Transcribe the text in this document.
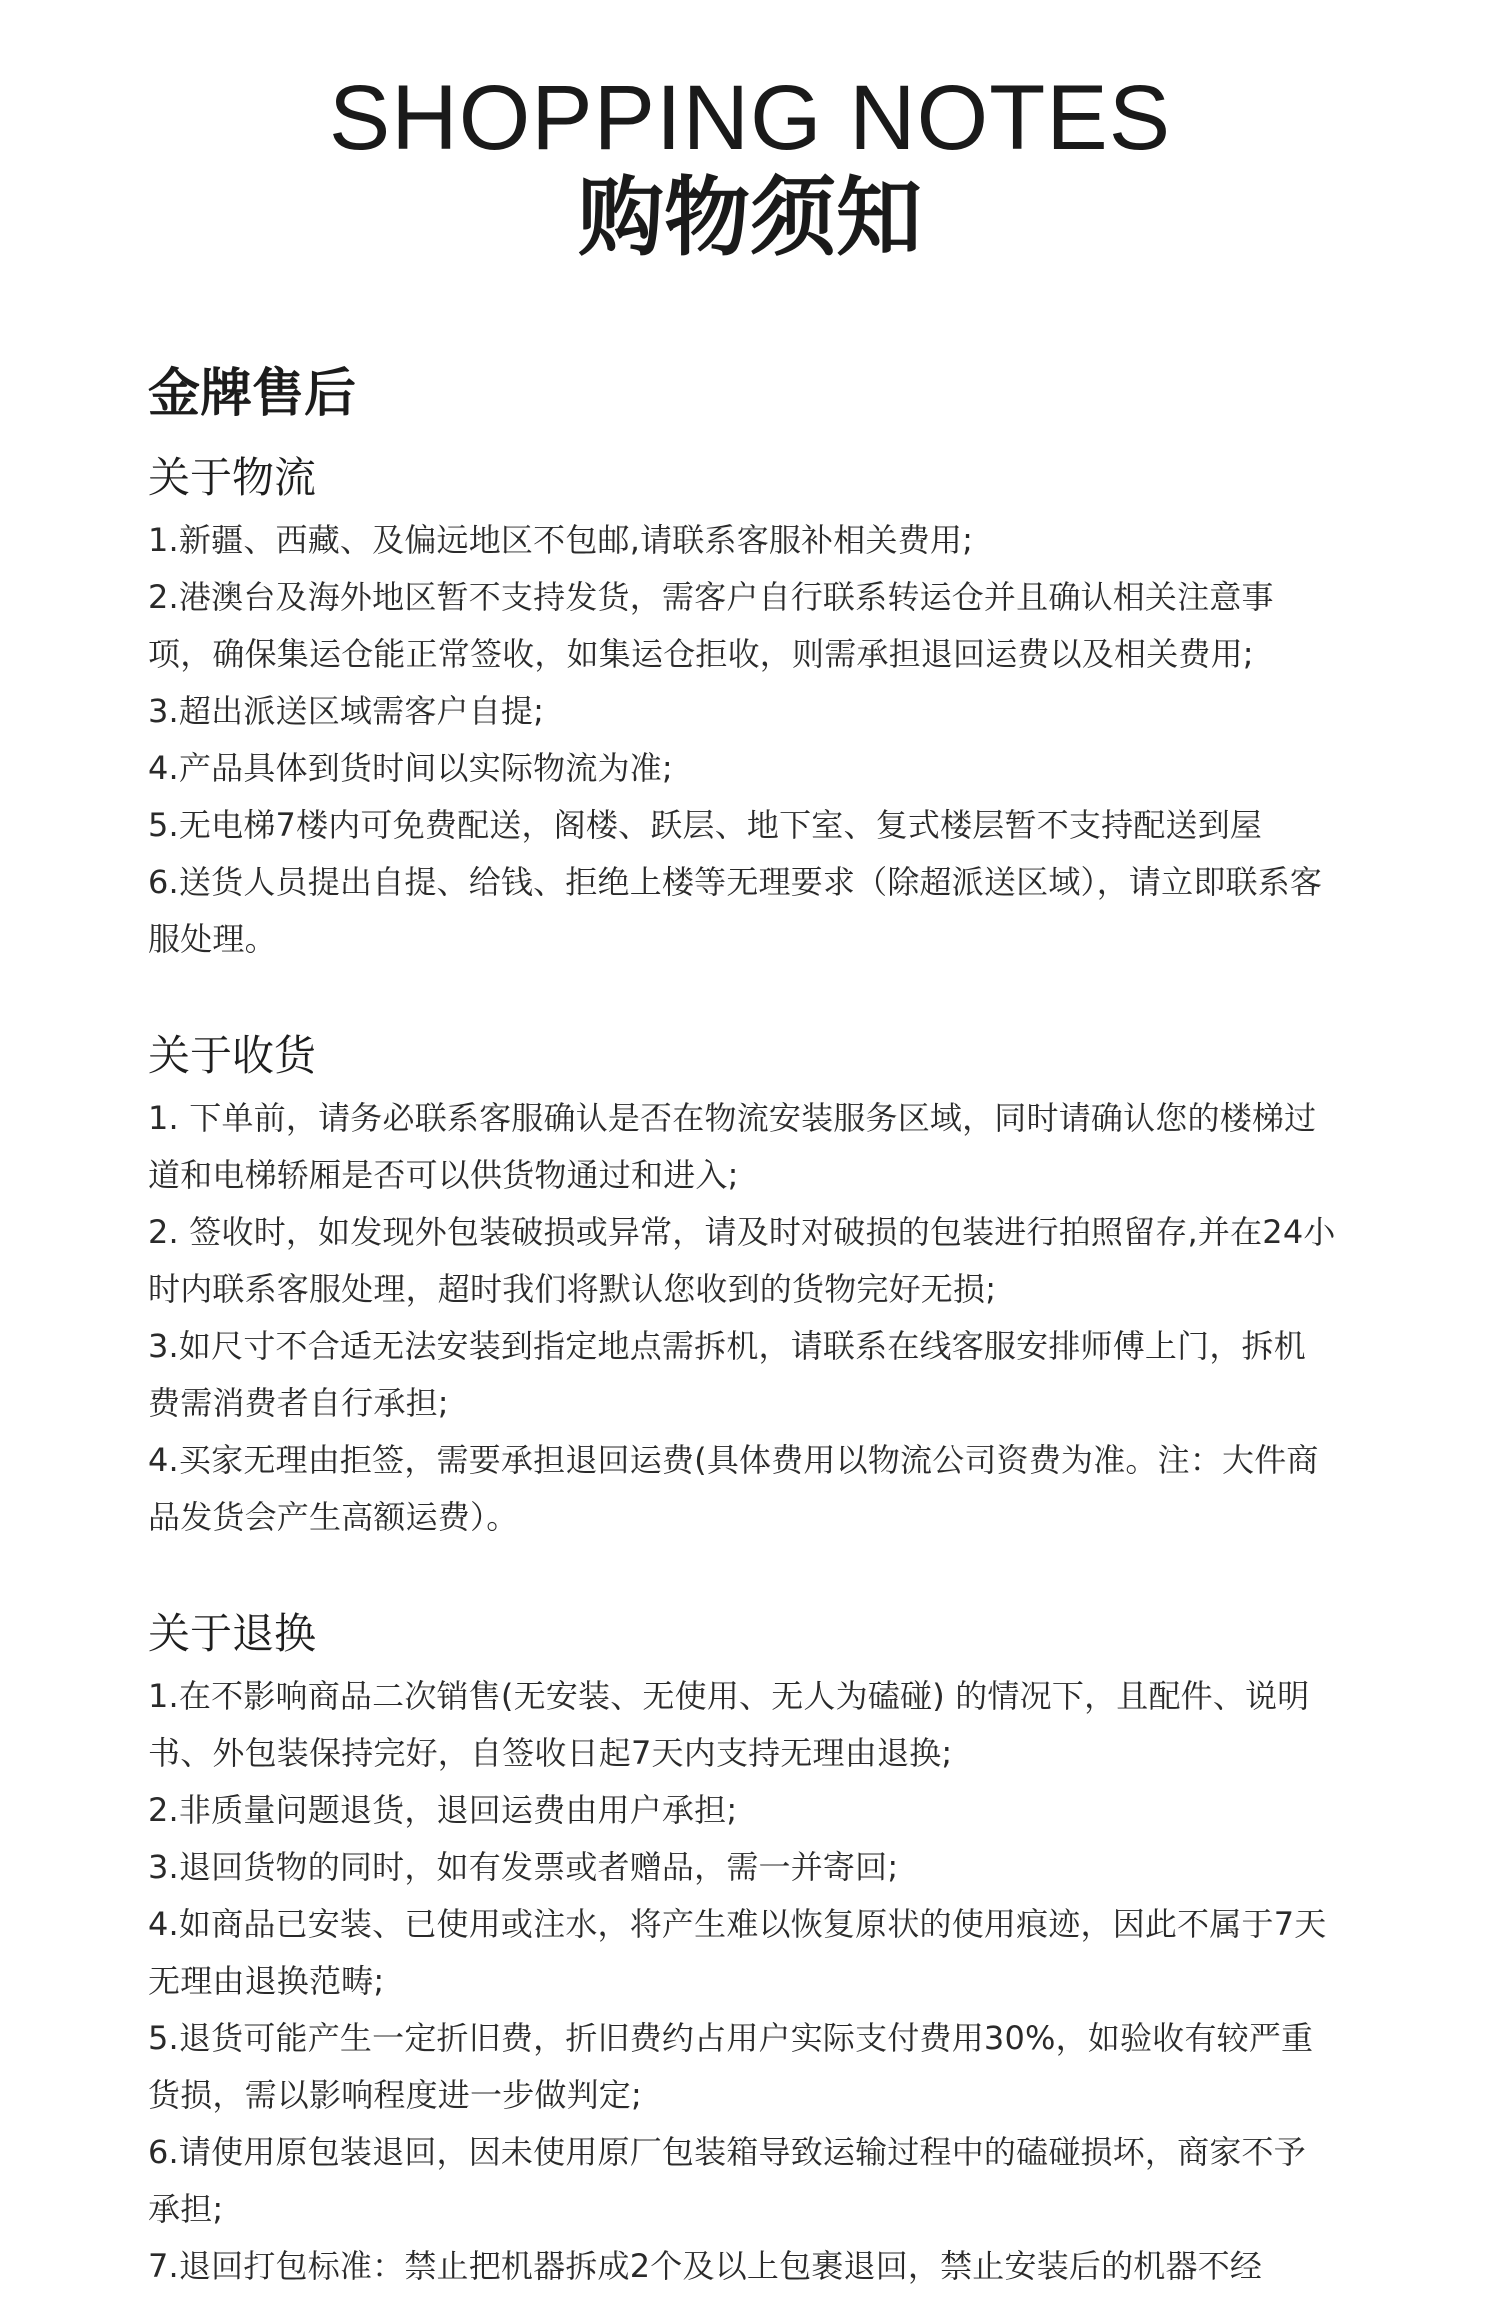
SHOPPING NOTES
购物须知
金牌售后
关于物流

1.新疆、西藏、及偏远地区不包邮,请联系客服补相关费用;

2.港澳台及海外地区暂不支持发货，需客户自行联系转运仓并且确认相关注意事项，确保集运仓能正常签收，如集运仓拒收，则需承担退回运费以及相关费用;

3.超出派送区域需客户自提;

4.产品具体到货时间以实际物流为准;

5.无电梯7楼内可免费配送，阁楼、跃层、地下室、复式楼层暂不支持配送到屋

6.送货人员提出自提、给钱、拒绝上楼等无理要求（除超派送区域），请立即联系客服处理。

关于收货

1. 下单前，请务必联系客服确认是否在物流安装服务区域，同时请确认您的楼梯过道和电梯轿厢是否可以供货物通过和进入;

2. 签收时，如发现外包装破损或异常，请及时对破损的包装进行拍照留存,并在24小时内联系客服处理，超时我们将默认您收到的货物完好无损;

3.如尺寸不合适无法安装到指定地点需拆机，请联系在线客服安排师傅上门，拆机费需消费者自行承担;

4.买家无理由拒签，需要承担退回运费(具体费用以物流公司资费为准。注：大件商品发货会产生高额运费）。

关于退换

1.在不影响商品二次销售(无安装、无使用、无人为磕碰) 的情况下，且配件、说明书、外包装保持完好，自签收日起7天内支持无理由退换;

2.非质量问题退货，退回运费由用户承担;

3.退回货物的同时，如有发票或者赠品，需一并寄回;

4.如商品已安装、已使用或注水，将产生难以恢复原状的使用痕迹，因此不属于7天无理由退换范畴;

5.退货可能产生一定折旧费，折旧费约占用户实际支付费用30%，如验收有较严重货损，需以影响程度进一步做判定;

6.请使用原包装退回，因未使用原厂包装箱导致运输过程中的磕碰损坏，商家不予承担;

7.退回打包标准：禁止把机器拆成2个及以上包裹退回，禁止安装后的机器不经
